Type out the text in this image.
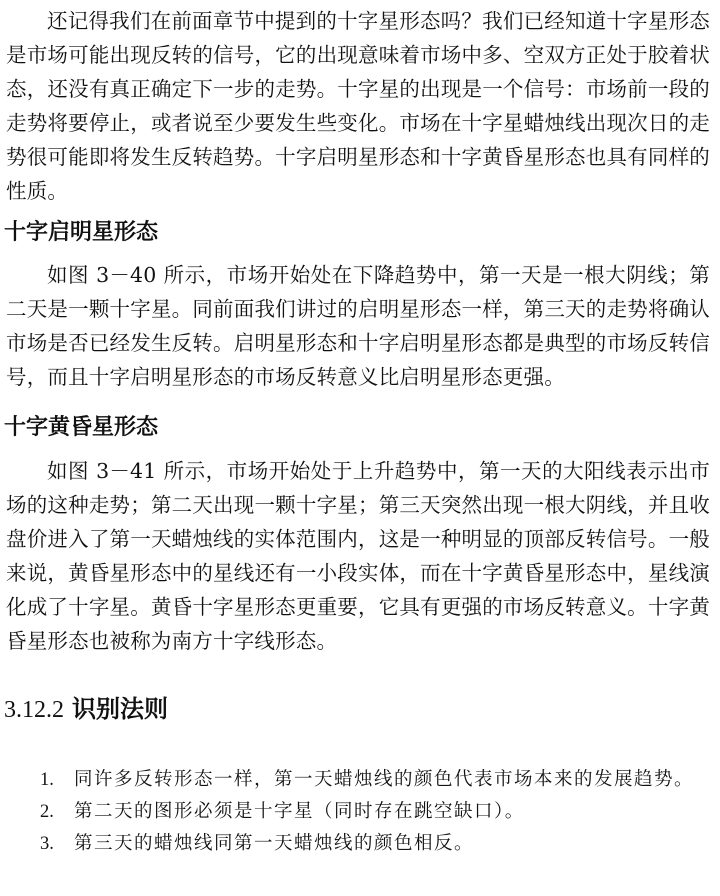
还记得我们在前面章节中提到的十字星形态吗？我们已经知道十字星形态是市场可能出现反转的信号，它的出现意味着市场中多、空双方正处于胶着状态，还没有真正确定下一步的走势。十字星的出现是一个信号：市场前一段的走势将要停止，或者说至少要发生些变化。市场在十字星蜡烛线出现次日的走势很可能即将发生反转趋势。十字启明星形态和十字黄昏星形态也具有同样的性质。

十字启明星形态

如图 3－40 所示，市场开始处在下降趋势中，第一天是一根大阴线；第二天是一颗十字星。同前面我们讲过的启明星形态一样，第三天的走势将确认市场是否已经发生反转。启明星形态和十字启明星形态都是典型的市场反转信号，而且十字启明星形态的市场反转意义比启明星形态更强。

十字黄昏星形态

如图 3－41 所示，市场开始处于上升趋势中，第一天的大阳线表示出市场的这种走势；第二天出现一颗十字星；第三天突然出现一根大阴线，并且收盘价进入了第一天蜡烛线的实体范围内，这是一种明显的顶部反转信号。一般来说，黄昏星形态中的星线还有一小段实体，而在十字黄昏星形态中，星线演化成了十字星。黄昏十字星形态更重要，它具有更强的市场反转意义。十字黄昏星形态也被称为南方十字线形态。

3.12.2 识别法则
1. 同许多反转形态一样，第一天蜡烛线的颜色代表市场本来的发展趋势。
2. 第二天的图形必须是十字星（同时存在跳空缺口）。
3. 第三天的蜡烛线同第一天蜡烛线的颜色相反。
